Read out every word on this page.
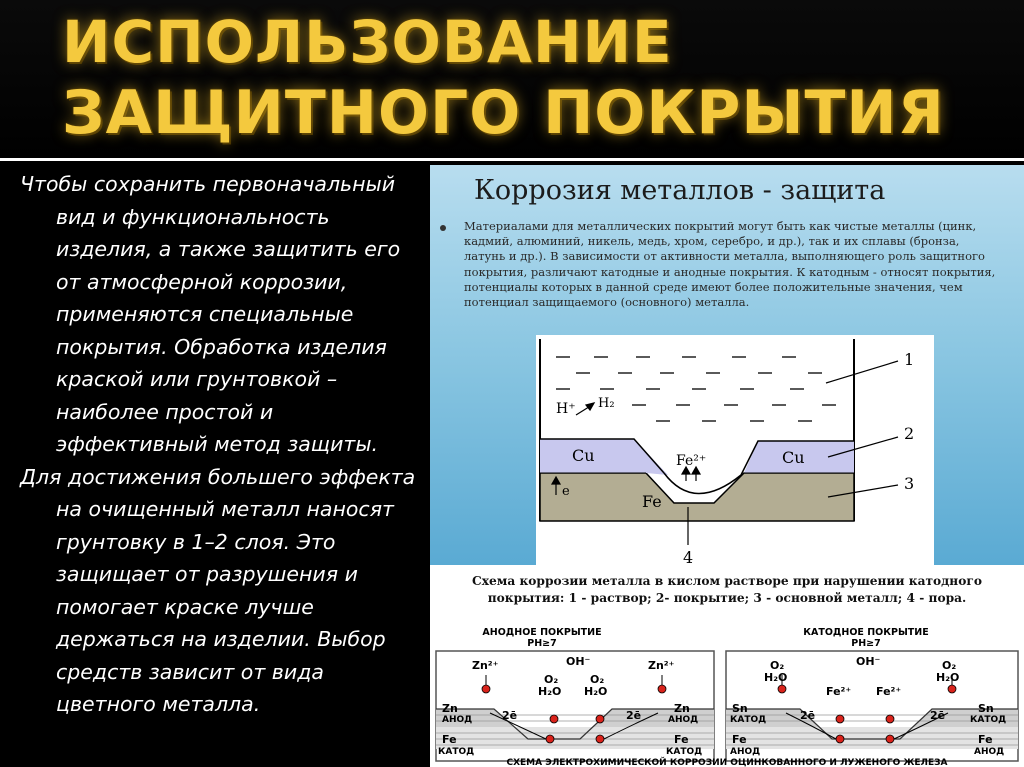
ИСПОЛЬЗОВАНИЕ
ЗАЩИТНОГО ПОКРЫТИЯ

Чтобы сохранить первоначальный вид и функциональность изделия, а также защитить его от атмосферной коррозии, применяются специальные покрытия. Обработка изделия краской или грунтовкой – наиболее простой и эффективный метод защиты.

Для достижения большего эффекта на очищенный металл наносят грунтовку в 1–2 слоя. Это защищает от разрушения и помогает краске лучше держаться на изделии. Выбор средств зависит от вида цветного металла.

Коррозия металлов - защита
Материалами для металлических покрытий могут быть как чистые металлы (цинк, кадмий, алюминий, никель, медь, хром, серебро, и др.), так и их сплавы (бронза, латунь и др.). В зависимости от активности металла, выполняющего роль защитного покрытия, различают катодные и анодные покрытия. К катодным - относят покрытия, потенциалы которых в данной среде имеют более положительные значения, чем потенциал защищаемого (основного) металла.
H⁺ H₂
Cu	Cu
Fe²⁺
e
Fe
1
2
3
4
Схема коррозии металла в кислом растворе при нарушении катодного покрытия: 1 - раствор; 2- покрытие; 3 - основной металл; 4 - пора.
АНОДНОЕ ПОКРЫТИЕ
PH≥7
Zn²⁺	Zn²⁺
OH⁻
O₂
H₂O
O₂
H₂O
Zn
АНОД
Zn
АНОД
2ē	2ē
Fe
КАТОД
Fe
КАТОД
КАТОДНОЕ ПОКРЫТИЕ
PH≥7
O₂
H₂O
O₂
H₂O
OH⁻
Fe²⁺ Fe²⁺
Sn
КАТОД
Sn
КАТОД
2ē	2ē
Fe
АНОД
Fe
АНОД
СХЕМА ЭЛЕКТРОХИМИЧЕСКОЙ КОРРОЗИИ ОЦИНКОВАННОГО И ЛУЖЕНОГО ЖЕЛЕЗА
